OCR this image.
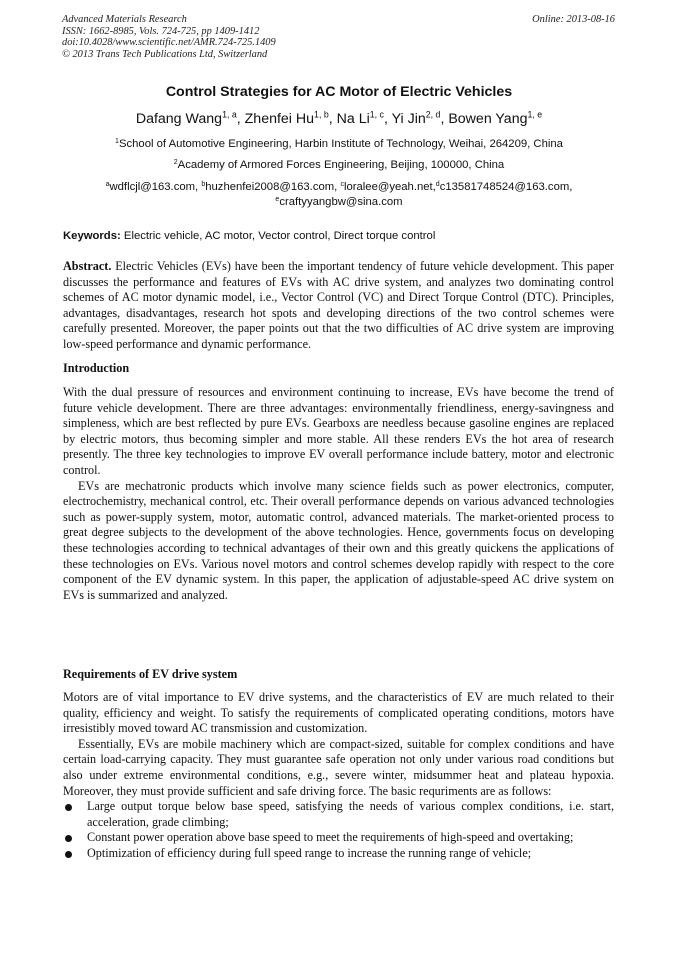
Advanced Materials Research
ISSN: 1662-8985, Vols. 724-725, pp 1409-1412
doi:10.4028/www.scientific.net/AMR.724-725.1409
© 2013 Trans Tech Publications Ltd, Switzerland
Online: 2013-08-16
Control Strategies for AC Motor of Electric Vehicles
Dafang Wang$^{1, a}$, Zhenfei Hu$^{1, b}$, Na Li$^{1, c}$, Yi Jin$^{2, d}$, Bowen Yang$^{1, e}$
$^1$School of Automotive Engineering, Harbin Institute of Technology, Weihai, 264209, China
$^2$Academy of Armored Forces Engineering, Beijing, 100000, China
$^a$wdflcjl@163.com, $^b$huzhenfei2008@163.com, $^c$loralee@yeah.net,$^d$c13581748524@163.com,
$^e$craftyyangbw@sina.com
Keywords: Electric vehicle, AC motor, Vector control, Direct torque control
Abstract. Electric Vehicles (EVs) have been the important tendency of future vehicle development. This paper discusses the performance and features of EVs with AC drive system, and analyzes two dominating control schemes of AC motor dynamic model, i.e., Vector Control (VC) and Direct Torque Control (DTC). Principles, advantages, disadvantages, research hot spots and developing directions of the two control schemes were carefully presented. Moreover, the paper points out that the two difficulties of AC drive system are improving low-speed performance and dynamic performance.
Introduction
With the dual pressure of resources and environment continuing to increase, EVs have become the trend of future vehicle development. There are three advantages: environmentally friendliness, energy-savingness and simpleness, which are best reflected by pure EVs. Gearboxs are needless because gasoline engines are replaced by electric motors, thus becoming simpler and more stable. All these renders EVs the hot area of research presently. The three key technologies to improve EV overall performance include battery, motor and electronic control.
EVs are mechatronic products which involve many science fields such as power electronics, computer, electrochemistry, mechanical control, etc. Their overall performance depends on various advanced technologies such as power-supply system, motor, automatic control, advanced materials. The market-oriented process to great degree subjects to the development of the above technologies. Hence, governments focus on developing these technologies according to technical advantages of their own and this greatly quickens the applications of these technologies on EVs. Various novel motors and control schemes develop rapidly with respect to the core component of the EV dynamic system. In this paper, the application of adjustable-speed AC drive system on EVs is summarized and analyzed.
Requirements of EV drive system
Motors are of vital importance to EV drive systems, and the characteristics of EV are much related to their quality, efficiency and weight. To satisfy the requirements of complicated operating conditions, motors have irresistibly moved toward AC transmission and customization.
Essentially, EVs are mobile machinery which are compact-sized, suitable for complex conditions and have certain load-carrying capacity. They must guarantee safe operation not only under various road conditions but also under extreme environmental conditions, e.g., severe winter, midsummer heat and plateau hypoxia. Moreover, they must provide sufficient and safe driving force. The basic requriments are as follows:
Large output torque below base speed, satisfying the needs of various complex conditions, i.e. start, acceleration, grade climbing;
Constant power operation above base speed to meet the requirements of high-speed and overtaking;
Optimization of efficiency during full speed range to increase the running range of vehicle;
